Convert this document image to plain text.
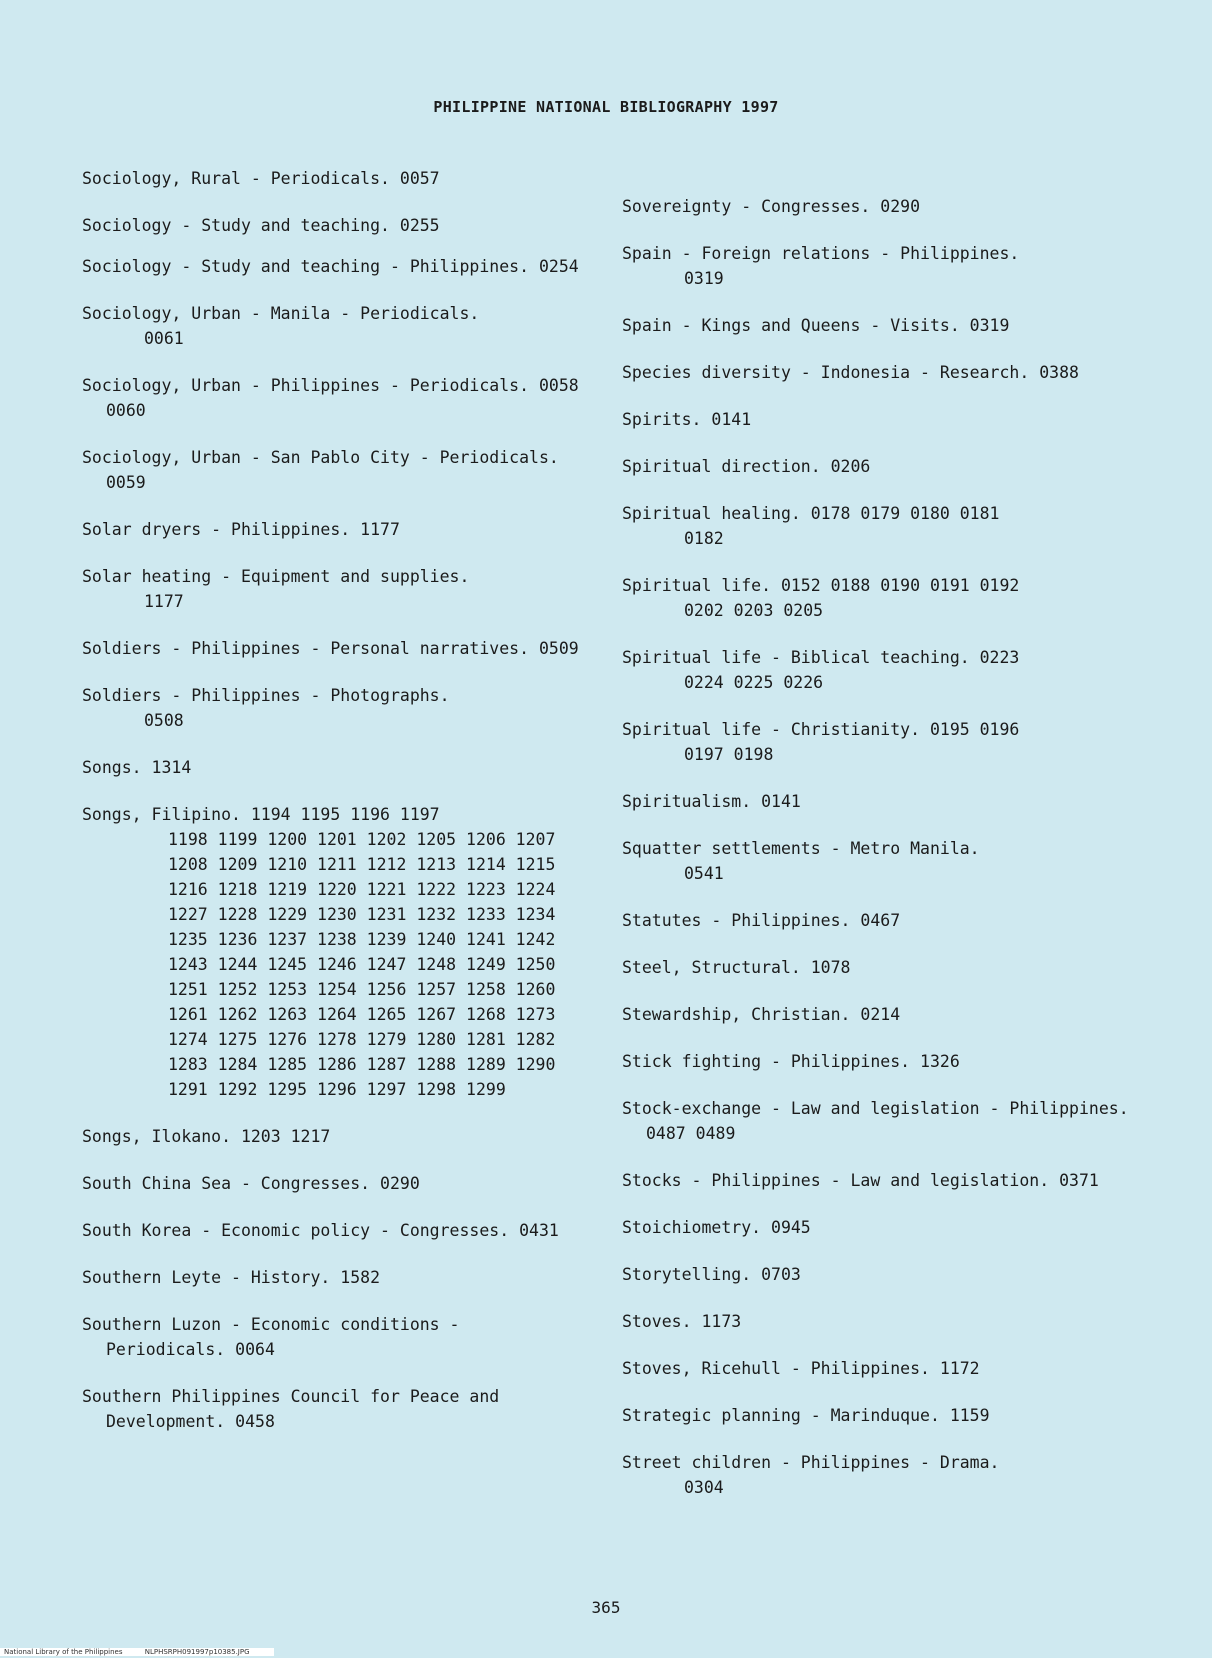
PHILIPPINE NATIONAL BIBLIOGRAPHY 1997
Sociology, Rural - Periodicals. 0057
Sociology - Study and teaching. 0255
Sociology - Study and teaching - Philippines. 0254
Sociology, Urban - Manila - Periodicals.
0061
Sociology, Urban - Philippines - Periodicals. 0058 0060
Sociology, Urban - San Pablo City - Periodicals. 0059
Solar dryers - Philippines. 1177
Solar heating - Equipment and supplies.
1177
Soldiers - Philippines - Personal narratives. 0509
Soldiers - Philippines - Photographs.
0508
Songs. 1314
Songs, Filipino. 1194 1195 1196 1197
1198 1199 1200 1201 1202 1205 1206 1207 1208 1209 1210 1211 1212 1213 1214 1215 1216 1218 1219 1220 1221 1222 1223 1224 1227 1228 1229 1230 1231 1232 1233 1234 1235 1236 1237 1238 1239 1240 1241 1242 1243 1244 1245 1246 1247 1248 1249 1250 1251 1252 1253 1254 1256 1257 1258 1260 1261 1262 1263 1264 1265 1267 1268 1273 1274 1275 1276 1278 1279 1280 1281 1282 1283 1284 1285 1286 1287 1288 1289 1290 1291 1292 1295 1296 1297 1298 1299
Songs, Ilokano. 1203 1217
South China Sea - Congresses. 0290
South Korea - Economic policy - Congresses. 0431
Southern Leyte - History. 1582
Southern Luzon - Economic conditions - Periodicals. 0064
Southern Philippines Council for Peace and Development. 0458
Sovereignty - Congresses. 0290
Spain - Foreign relations - Philippines.
0319
Spain - Kings and Queens - Visits. 0319
Species diversity - Indonesia - Research. 0388
Spirits. 0141
Spiritual direction. 0206
Spiritual healing. 0178 0179 0180 0181
0182
Spiritual life. 0152 0188 0190 0191 0192
0202 0203 0205
Spiritual life - Biblical teaching. 0223
0224 0225 0226
Spiritual life - Christianity. 0195 0196
0197 0198
Spiritualism. 0141
Squatter settlements - Metro Manila.
0541
Statutes - Philippines. 0467
Steel, Structural. 1078
Stewardship, Christian. 0214
Stick fighting - Philippines. 1326
Stock-exchange - Law and legislation - Philippines. 0487 0489
Stocks - Philippines - Law and legislation. 0371
Stoichiometry. 0945
Storytelling. 0703
Stoves. 1173
Stoves, Ricehull - Philippines. 1172
Strategic planning - Marinduque. 1159
Street children - Philippines - Drama.
0304
365
National Library of the Philippines	NLPHSRPH091997p10385.JPG
